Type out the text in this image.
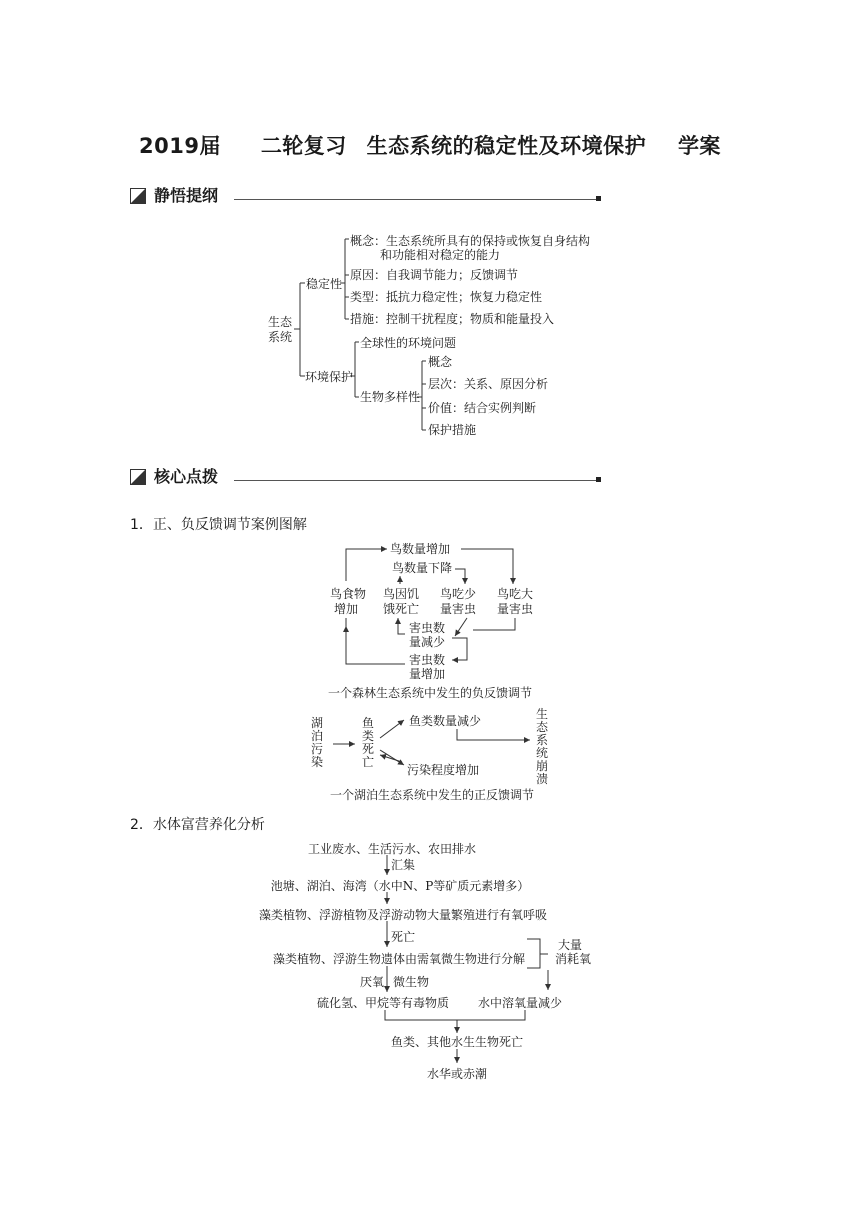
2019届 二轮复习 生态系统的稳定性及环境保护 学案
静悟提纲
核心点拨
1．正、负反馈调节案例图解
2．水体富营养化分析
生态
系统
稳定性
概念：生态系统所具有的保持或恢复自身结构
和功能相对稳定的能力
原因：自我调节能力；反馈调节
类型：抵抗力稳定性；恢复力稳定性
措施：控制干扰程度；物质和能量投入
环境保护
全球性的环境问题
生物多样性
概念
层次：关系、原因分析
价值：结合实例判断
保护措施
鸟数量增加
鸟数量下降
鸟食物
增加
鸟因饥
饿死亡
鸟吃少
量害虫
鸟吃大
量害虫
害虫数
量减少
害虫数
量增加
一个森林生态系统中发生的负反馈调节
鱼类数量减少
污染程度增加
一个湖泊生态系统中发生的正反馈调节
湖泊污染
鱼类死亡
生态系统崩溃
工业废水、生活污水、农田排水
汇集
池塘、湖泊、海湾（水中N、P等矿质元素增多）
藻类植物、浮游植物及浮游动物大量繁殖进行有氧呼吸
死亡
藻类植物、浮游生物遗体由需氧微生物进行分解
大量
消耗氧
厌氧 微生物
硫化氢、甲烷等有毒物质 水中溶氧量减少
鱼类、其他水生生物死亡
水华或赤潮
